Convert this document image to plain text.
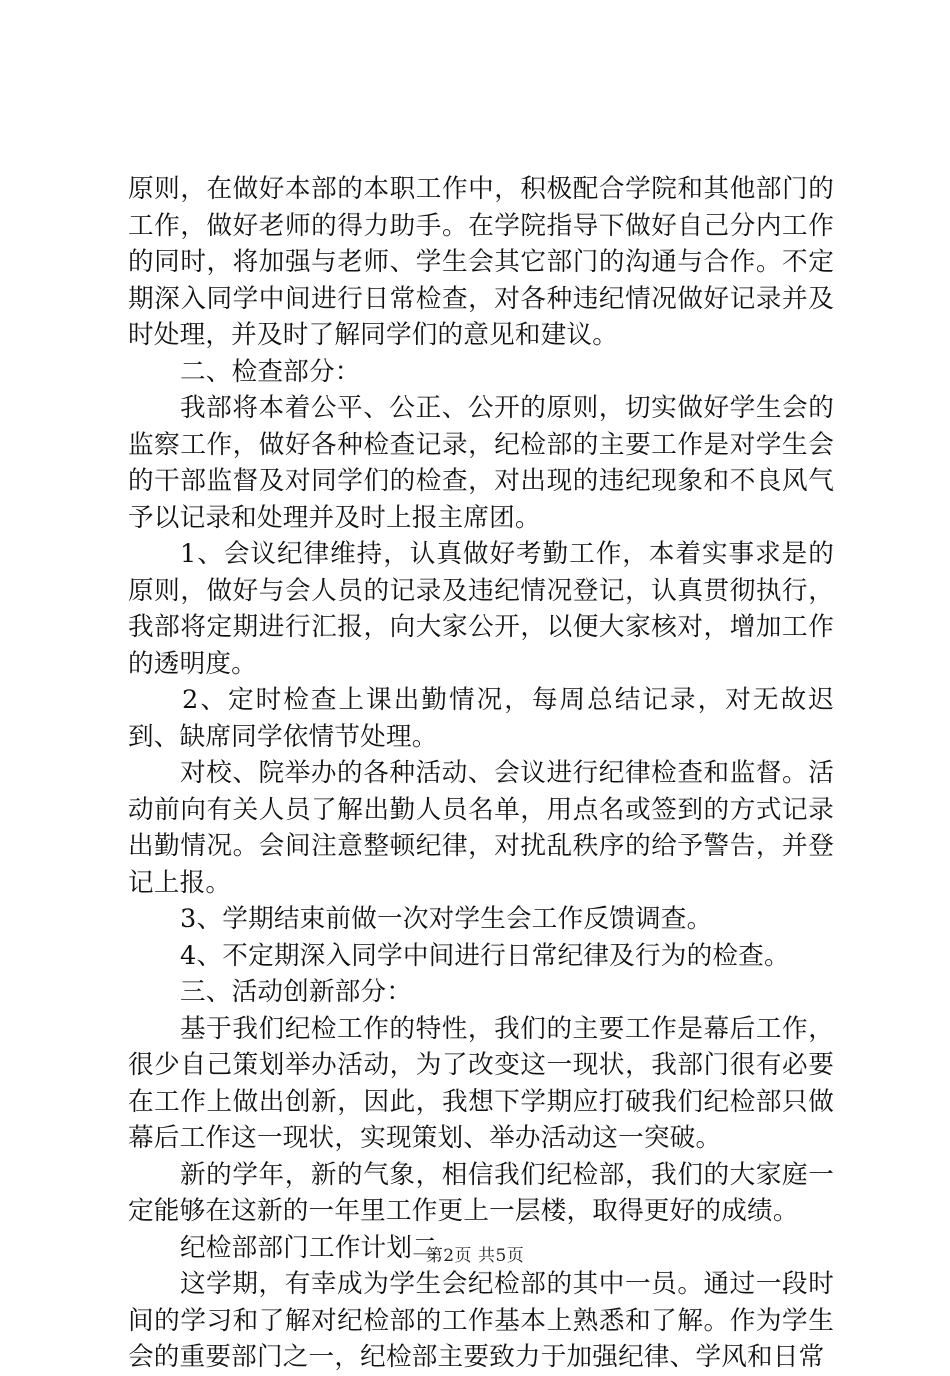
原则，在做好本部的本职工作中，积极配合学院和其他部门的工作，做好老师的得力助手。在学院指导下做好自己分内工作的同时，将加强与老师、学生会其它部门的沟通与合作。不定期深入同学中间进行日常检查，对各种违纪情况做好记录并及时处理，并及时了解同学们的意见和建议。

二、检查部分：

我部将本着公平、公正、公开的原则，切实做好学生会的监察工作，做好各种检查记录，纪检部的主要工作是对学生会的干部监督及对同学们的检查，对出现的违纪现象和不良风气予以记录和处理并及时上报主席团。

1、会议纪律维持，认真做好考勤工作，本着实事求是的原则，做好与会人员的记录及违纪情况登记，认真贯彻执行，我部将定期进行汇报，向大家公开，以便大家核对，增加工作的透明度。

2、定时检查上课出勤情况，每周总结记录，对无故迟到、缺席同学依情节处理。

对校、院举办的各种活动、会议进行纪律检查和监督。活动前向有关人员了解出勤人员名单，用点名或签到的方式记录出勤情况。会间注意整顿纪律，对扰乱秩序的给予警告，并登记上报。

3、学期结束前做一次对学生会工作反馈调查。

4、不定期深入同学中间进行日常纪律及行为的检查。

三、活动创新部分：

基于我们纪检工作的特性，我们的主要工作是幕后工作，很少自己策划举办活动，为了改变这一现状，我部门很有必要在工作上做出创新，因此，我想下学期应打破我们纪检部只做幕后工作这一现状，实现策划、举办活动这一突破。

新的学年，新的气象，相信我们纪检部，我们的大家庭一定能够在这新的一年里工作更上一层楼，取得更好的成绩。

纪检部部门工作计划二

这学期，有幸成为学生会纪检部的其中一员。通过一段时间的学习和了解对纪检部的工作基本上熟悉和了解。作为学生会的重要部门之一，纪检部主要致力于加强纪律、学风和日常

第2页 共5页
